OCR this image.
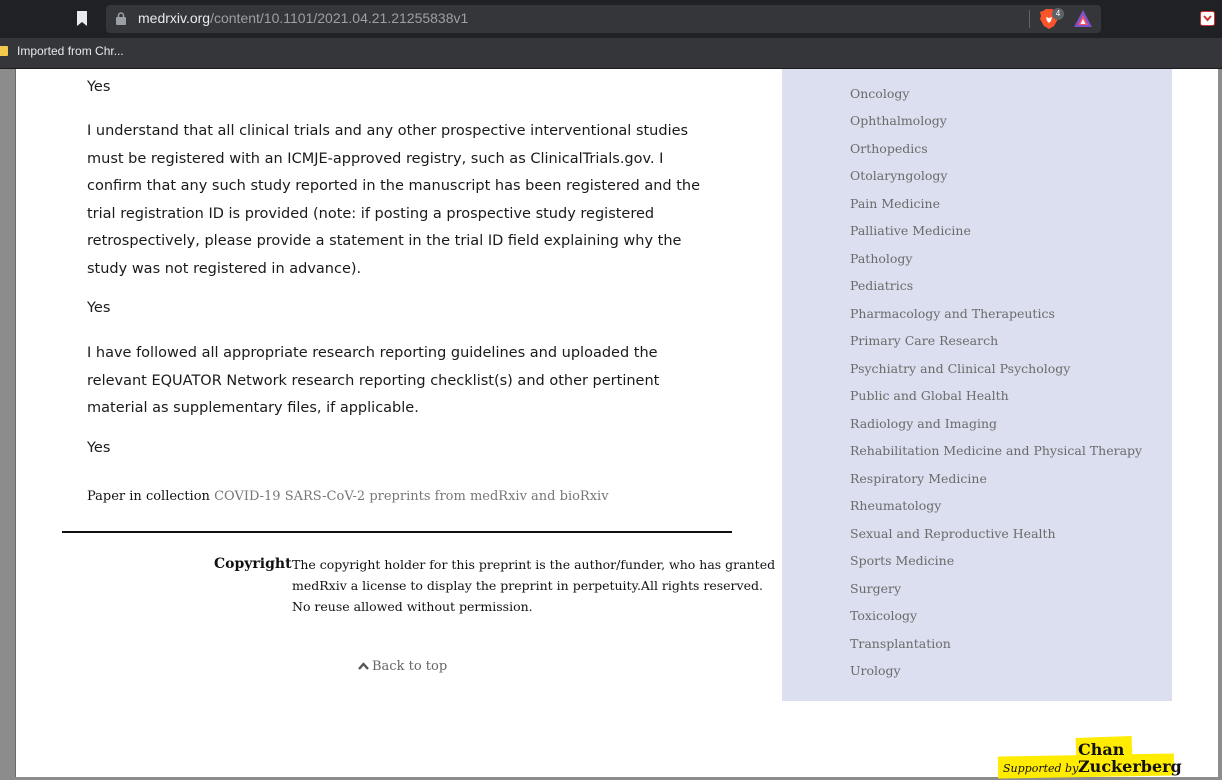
medrxiv.org/content/10.1101/2021.04.21.21255838v1	4
Imported from Chr...
Yes
I understand that all clinical trials and any other prospective interventional studies
must be registered with an ICMJE-approved registry, such as ClinicalTrials.gov. I
confirm that any such study reported in the manuscript has been registered and the
trial registration ID is provided (note: if posting a prospective study registered
retrospectively, please provide a statement in the trial ID field explaining why the
study was not registered in advance).
Yes
I have followed all appropriate research reporting guidelines and uploaded the
relevant EQUATOR Network research reporting checklist(s) and other pertinent
material as supplementary files, if applicable.
Yes
Paper in collection COVID-19 SARS-CoV-2 preprints from medRxiv and bioRxiv
Copyright The copyright holder for this preprint is the author/funder, who has granted
medRxiv a license to display the preprint in perpetuity.All rights reserved.
No reuse allowed without permission.
Back to top

Oncology
Ophthalmology
Orthopedics
Otolaryngology
Pain Medicine
Palliative Medicine
Pathology
Pediatrics
Pharmacology and Therapeutics
Primary Care Research
Psychiatry and Clinical Psychology
Public and Global Health
Radiology and Imaging
Rehabilitation Medicine and Physical Therapy
Respiratory Medicine
Rheumatology
Sexual and Reproductive Health
Sports Medicine
Surgery
Toxicology
Transplantation
Urology
Supported by
Chan
Zuckerberg
